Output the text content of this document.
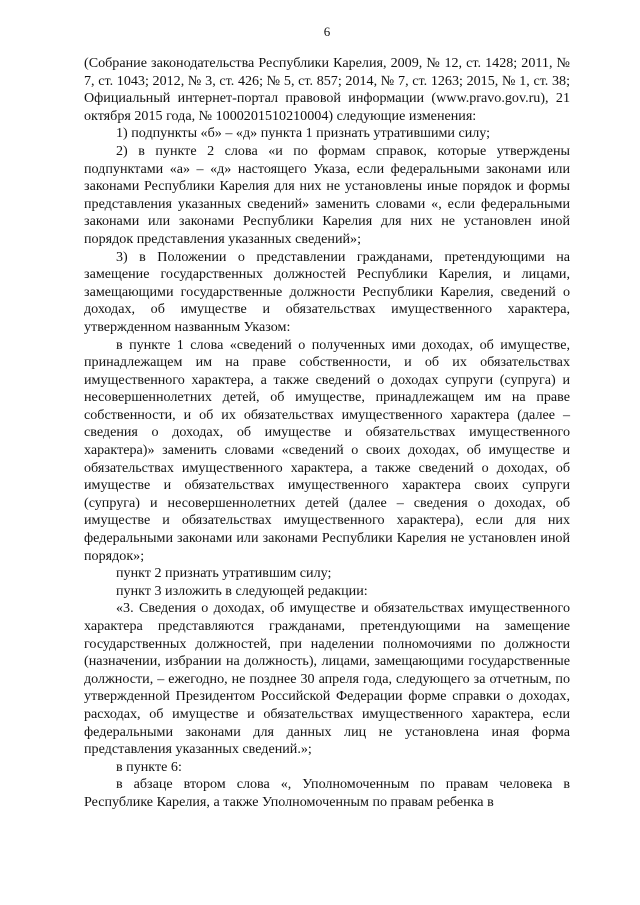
6

(Собрание законодательства Республики Карелия, 2009, № 12, ст. 1428; 2011, № 7, ст. 1043; 2012, № 3, ст. 426; № 5, ст. 857; 2014, № 7, ст. 1263; 2015, № 1, ст. 38; Официальный интернет-портал правовой информации (www.pravo.gov.ru), 21 октября 2015 года, № 1000201510210004) следующие изменения:

1) подпункты «б» – «д» пункта 1 признать утратившими силу;

2) в пункте 2 слова «и по формам справок, которые утверждены подпунктами «а» – «д» настоящего Указа, если федеральными законами или законами Республики Карелия для них не установлены иные порядок и формы представления указанных сведений» заменить словами «, если федеральными законами или законами Республики Карелия для них не установлен иной порядок представления указанных сведений»;

3) в Положении о представлении гражданами, претендующими на замещение государственных должностей Республики Карелия, и лицами, замещающими государственные должности Республики Карелия, сведений о доходах, об имуществе и обязательствах имущественного характера, утвержденном названным Указом:

в пункте 1 слова «сведений о полученных ими доходах, об имуществе, принадлежащем им на праве собственности, и об их обязательствах имущественного характера, а также сведений о доходах супруги (супруга) и несовершеннолетних детей, об имуществе, принадлежащем им на праве собственности, и об их обязательствах имущественного характера (далее – сведения о доходах, об имуществе и обязательствах имущественного характера)» заменить словами «сведений о своих доходах, об имуществе и обязательствах имущественного характера, а также сведений о доходах, об имуществе и обязательствах имущественного характера своих супруги (супруга) и несовершеннолетних детей (далее – сведения о доходах, об имуществе и обязательствах имущественного характера), если для них федеральными законами или законами Республики Карелия не установлен иной порядок»;

пункт 2 признать утратившим силу;

пункт 3 изложить в следующей редакции:

«3. Сведения о доходах, об имуществе и обязательствах имущественного характера представляются гражданами, претендующими на замещение государственных должностей, при наделении полномочиями по должности (назначении, избрании на должность), лицами, замещающими государственные должности, – ежегодно, не позднее 30 апреля года, следующего за отчетным, по утвержденной Президентом Российской Федерации форме справки о доходах, расходах, об имуществе и обязательствах имущественного характера, если федеральными законами для данных лиц не установлена иная форма представления указанных сведений.»;

в пункте 6:

в абзаце втором слова «, Уполномоченным по правам человека в Республике Карелия, а также Уполномоченным по правам ребенка в
